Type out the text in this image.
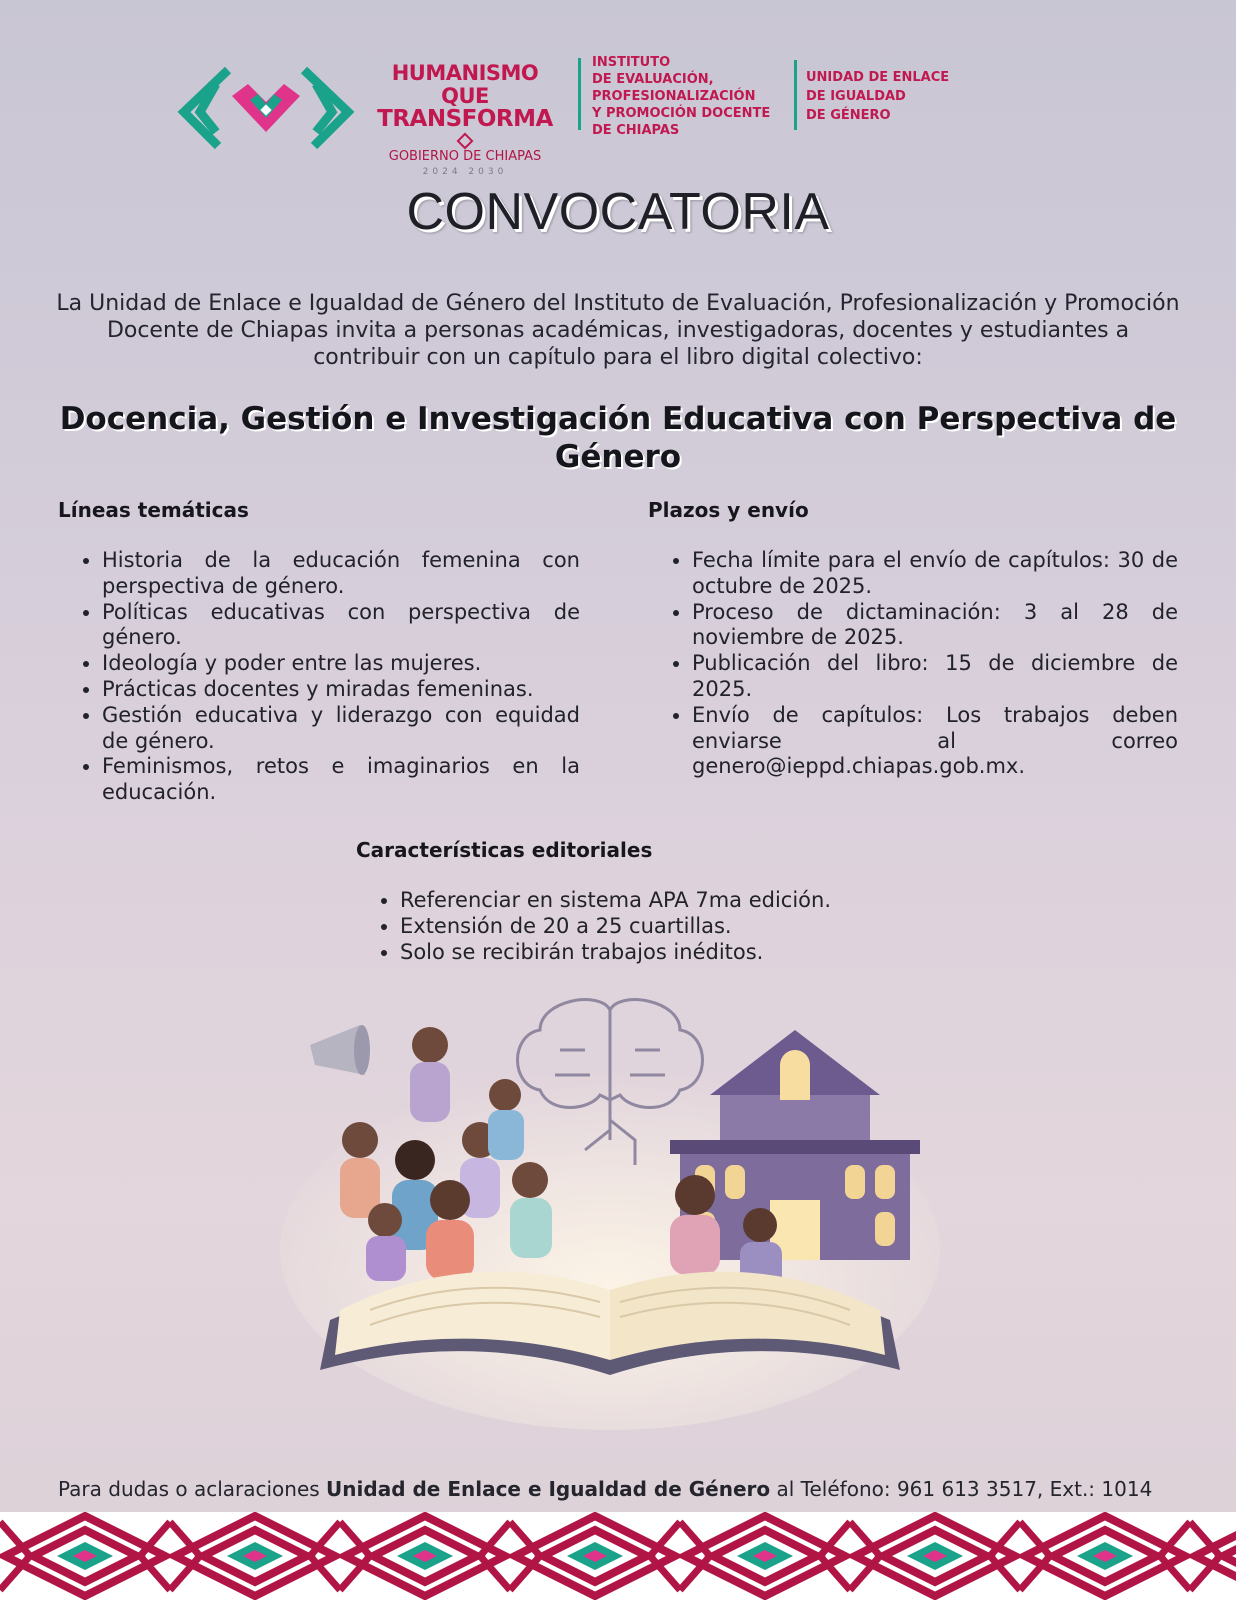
HUMANISMO QUE
TRANSFORMA
GOBIERNO DE CHIAPAS
2024 2030
INSTITUTO
DE EVALUACIÓN,
PROFESIONALIZACIÓN
Y PROMOCIÓN DOCENTE
DE CHIAPAS
UNIDAD DE ENLACE
DE IGUALDAD
DE GÉNERO
CONVOCATORIA
La Unidad de Enlace e Igualdad de Género del Instituto de Evaluación, Profesionalización y Promoción Docente de Chiapas invita a personas académicas, investigadoras, docentes y estudiantes a contribuir con un capítulo para el libro digital colectivo:
Docencia, Gestión e Investigación Educativa con Perspectiva de Género
Líneas temáticas
• Historia de la educación femenina con perspectiva de género.
• Políticas educativas con perspectiva de género.
• Ideología y poder entre las mujeres.
• Prácticas docentes y miradas femeninas.
• Gestión educativa y liderazgo con equidad de género.
• Feminismos, retos e imaginarios en la educación.
Plazos y envío
• Fecha límite para el envío de capítulos: 30 de octubre de 2025.
• Proceso de dictaminación: 3 al 28 de noviembre de 2025.
• Publicación del libro: 15 de diciembre de 2025.
• Envío de capítulos: Los trabajos deben enviarse al correo genero@ieppd.chiapas.gob.mx.
Características editoriales
• Referenciar en sistema APA 7ma edición.
• Extensión de 20 a 25 cuartillas.
• Solo se recibirán trabajos inéditos.
Para dudas o aclaraciones Unidad de Enlace e Igualdad de Género al Teléfono: 961 613 3517, Ext.: 1014
